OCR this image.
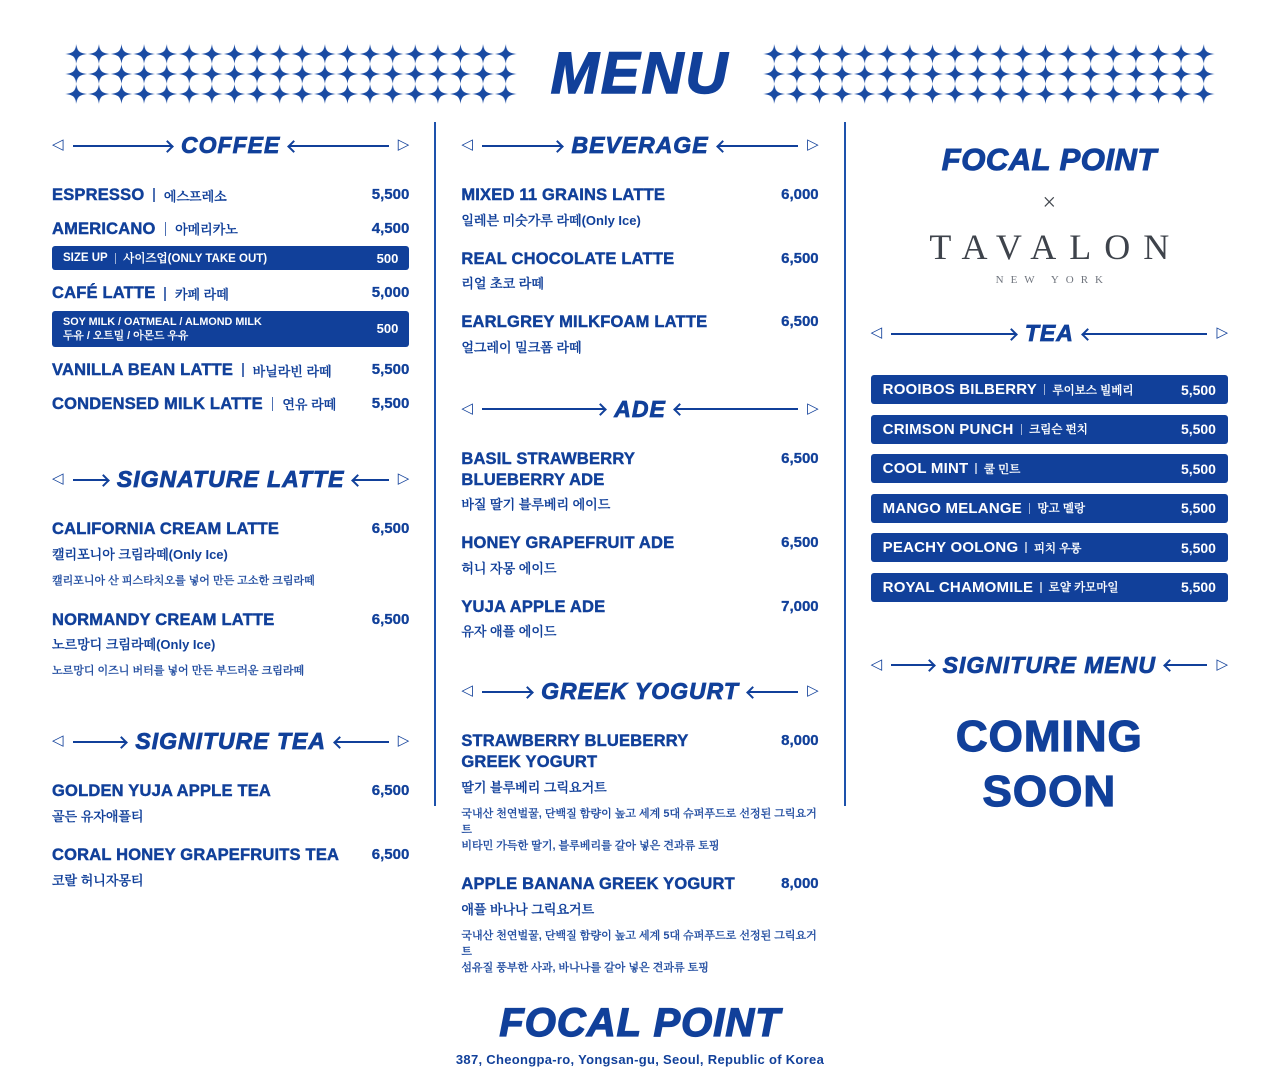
MENU
◁	COFFEE	▷
ESPRESSO 에스프레소	5,500
AMERICANO 아메리카노	4,500
SIZE UP 사이즈업(ONLY TAKE OUT)	500
CAFÉ LATTE 카페 라떼	5,000
SOY MILK / OATMEAL / ALMOND MILK
두유 / 오트밀 / 아몬드 우유	500
VANILLA BEAN LATTE 바닐라빈 라떼	5,500
CONDENSED MILK LATTE 연유 라떼	5,500
◁ SIGNATURE LATTE	▷
CALIFORNIA CREAM LATTE	6,500
캘리포니아 크림라떼(Only Ice)
캘리포니아 산 피스타치오를 넣어 만든 고소한 크림라떼
NORMANDY CREAM LATTE	6,500
노르망디 크림라떼(Only Ice)
노르망디 이즈니 버터를 넣어 만든 부드러운 크림라떼
◁	SIGNITURE TEA	▷
GOLDEN YUJA APPLE TEA	6,500
골든 유자애플티
CORAL HONEY GRAPEFRUITS TEA	6,500
코랄 허니자몽티
◁	BEVERAGE	▷
MIXED 11 GRAINS LATTE	6,000
일레븐 미숫가루 라떼(Only Ice)
REAL CHOCOLATE LATTE	6,500
리얼 초코 라떼
EARLGREY MILKFOAM LATTE	6,500
얼그레이 밀크폼 라떼
◁	ADE	▷
BASIL STRAWBERRY
BLUEBERRY ADE
6,500
바질 딸기 블루베리 에이드
HONEY GRAPEFRUIT ADE	6,500
허니 자몽 에이드
YUJA APPLE ADE	7,000
유자 애플 에이드
◁	GREEK YOGURT	▷
STRAWBERRY BLUEBERRY
GREEK YOGURT
8,000
딸기 블루베리 그릭요거트
국내산 천연벌꿀, 단백질 함량이 높고 세계 5대 슈퍼푸드로 선정된 그릭요거트
비타민 가득한 딸기, 블루베리를 갈아 넣은 견과류 토핑
APPLE BANANA GREEK YOGURT	8,000
애플 바나나 그릭요거트
국내산 천연벌꿀, 단백질 함량이 높고 세계 5대 슈퍼푸드로 선정된 그릭요거트
섬유질 풍부한 사과, 바나나를 갈아 넣은 견과류 토핑
FOCAL POINT
×
TAVALON
NEW YORK
◁	TEA	▷
ROOIBOS BILBERRY 루이보스 빌베리	5,500
CRIMSON PUNCH 크림슨 펀치	5,500
COOL MINT 쿨 민트	5,500
MANGO MELANGE 망고 멜랑	5,500
PEACHY OOLONG 피치 우롱	5,500
ROYAL CHAMOMILE 로얄 카모마일	5,500
◁	SIGNITURE MENU	▷
COMING SOON
FOCAL POINT
387, Cheongpa-ro, Yongsan-gu, Seoul, Republic of Korea
